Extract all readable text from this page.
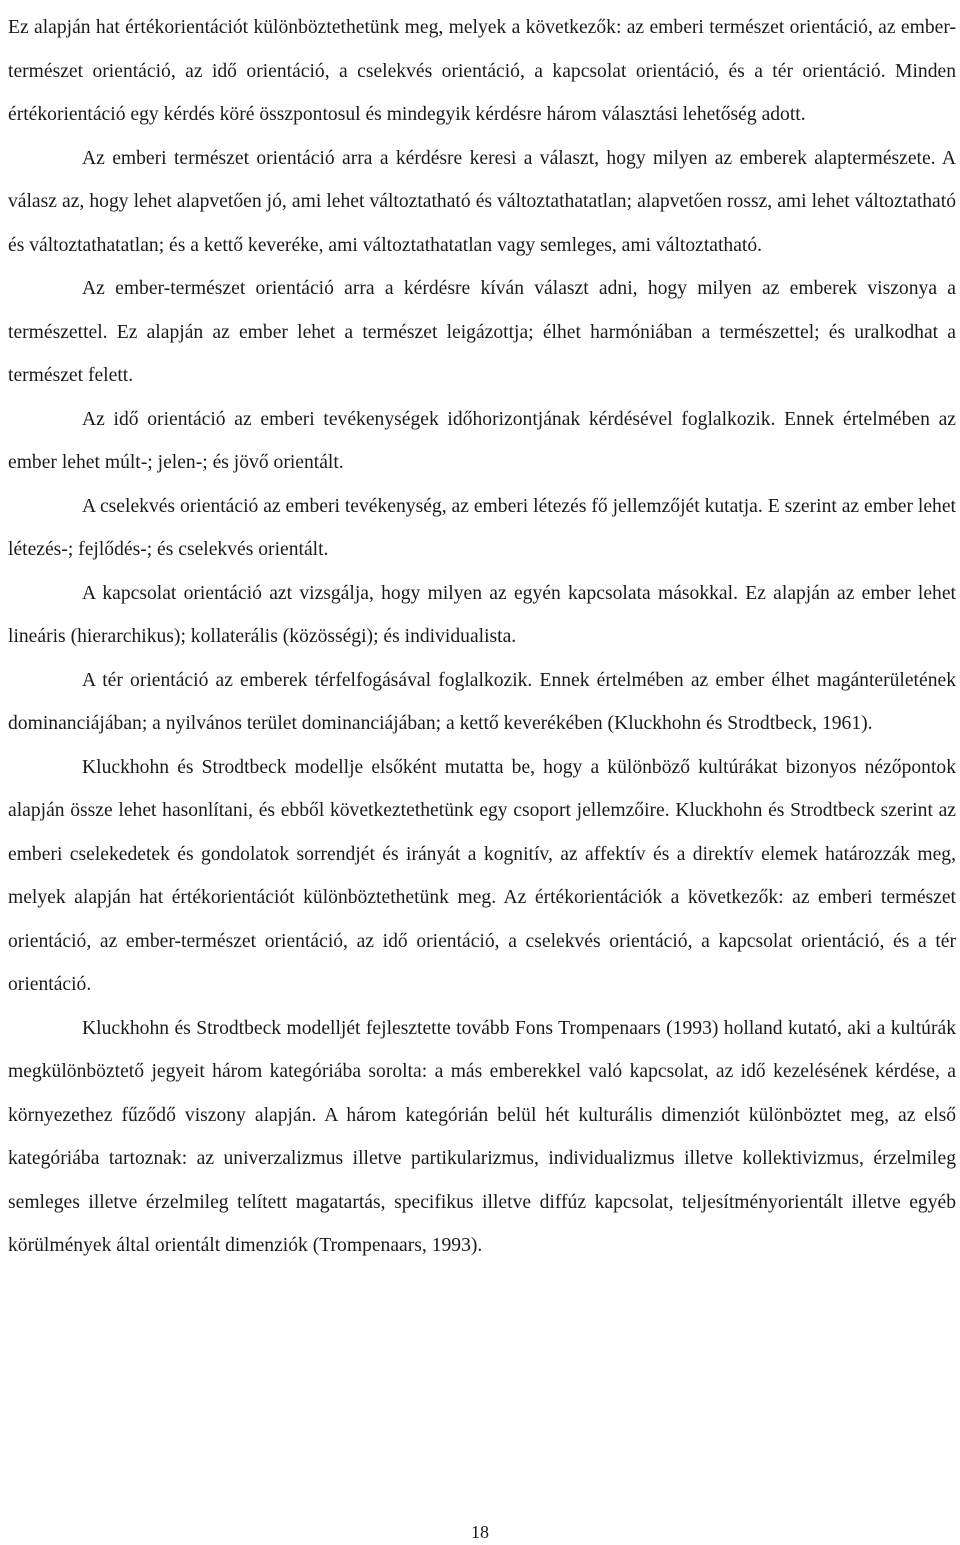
Ez alapján hat értékorientációt különböztethetünk meg, melyek a következők: az emberi természet orientáció, az ember-természet orientáció, az idő orientáció, a cselekvés orientáció, a kapcsolat orientáció, és a tér orientáció. Minden értékorientáció egy kérdés köré összpontosul és mindegyik kérdésre három választási lehetőség adott.

Az emberi természet orientáció arra a kérdésre keresi a választ, hogy milyen az emberek alaptermészete. A válasz az, hogy lehet alapvetően jó, ami lehet változtatható és változtathatatlan; alapvetően rossz, ami lehet változtatható és változtathatatlan; és a kettő keveréke, ami változtathatatlan vagy semleges, ami változtatható.

Az ember-természet orientáció arra a kérdésre kíván választ adni, hogy milyen az emberek viszonya a természettel. Ez alapján az ember lehet a természet leigázottja; élhet harmóniában a természettel; és uralkodhat a természet felett.

Az idő orientáció az emberi tevékenységek időhorizontjának kérdésével foglalkozik. Ennek értelmében az ember lehet múlt-; jelen-; és jövő orientált.

A cselekvés orientáció az emberi tevékenység, az emberi létezés fő jellemzőjét kutatja. E szerint az ember lehet létezés-; fejlődés-; és cselekvés orientált.

A kapcsolat orientáció azt vizsgálja, hogy milyen az egyén kapcsolata másokkal. Ez alapján az ember lehet lineáris (hierarchikus); kollaterális (közösségi); és individualista.

A tér orientáció az emberek térfelfogásával foglalkozik. Ennek értelmében az ember élhet magánterületének dominanciájában; a nyilvános terület dominanciájában; a kettő keverékében (Kluckhohn és Strodtbeck, 1961).

Kluckhohn és Strodtbeck modellje elsőként mutatta be, hogy a különböző kultúrákat bizonyos nézőpontok alapján össze lehet hasonlítani, és ebből következtethetünk egy csoport jellemzőire. Kluckhohn és Strodtbeck szerint az emberi cselekedetek és gondolatok sorrendjét és irányát a kognitív, az affektív és a direktív elemek határozzák meg, melyek alapján hat értékorientációt különböztethetünk meg. Az értékorientációk a következők: az emberi természet orientáció, az ember-természet orientáció, az idő orientáció, a cselekvés orientáció, a kapcsolat orientáció, és a tér orientáció.

Kluckhohn és Strodtbeck modelljét fejlesztette tovább Fons Trompenaars (1993) holland kutató, aki a kultúrák megkülönböztető jegyeit három kategóriába sorolta: a más emberekkel való kapcsolat, az idő kezelésének kérdése, a környezethez fűződő viszony alapján. A három kategórián belül hét kulturális dimenziót különböztet meg, az első kategóriába tartoznak: az univerzalizmus illetve partikularizmus, individualizmus illetve kollektivizmus, érzelmileg semleges illetve érzelmileg telített magatartás, specifikus illetve diffúz kapcsolat, teljesítményorientált illetve egyéb körülmények által orientált dimenziók (Trompenaars, 1993).

18
